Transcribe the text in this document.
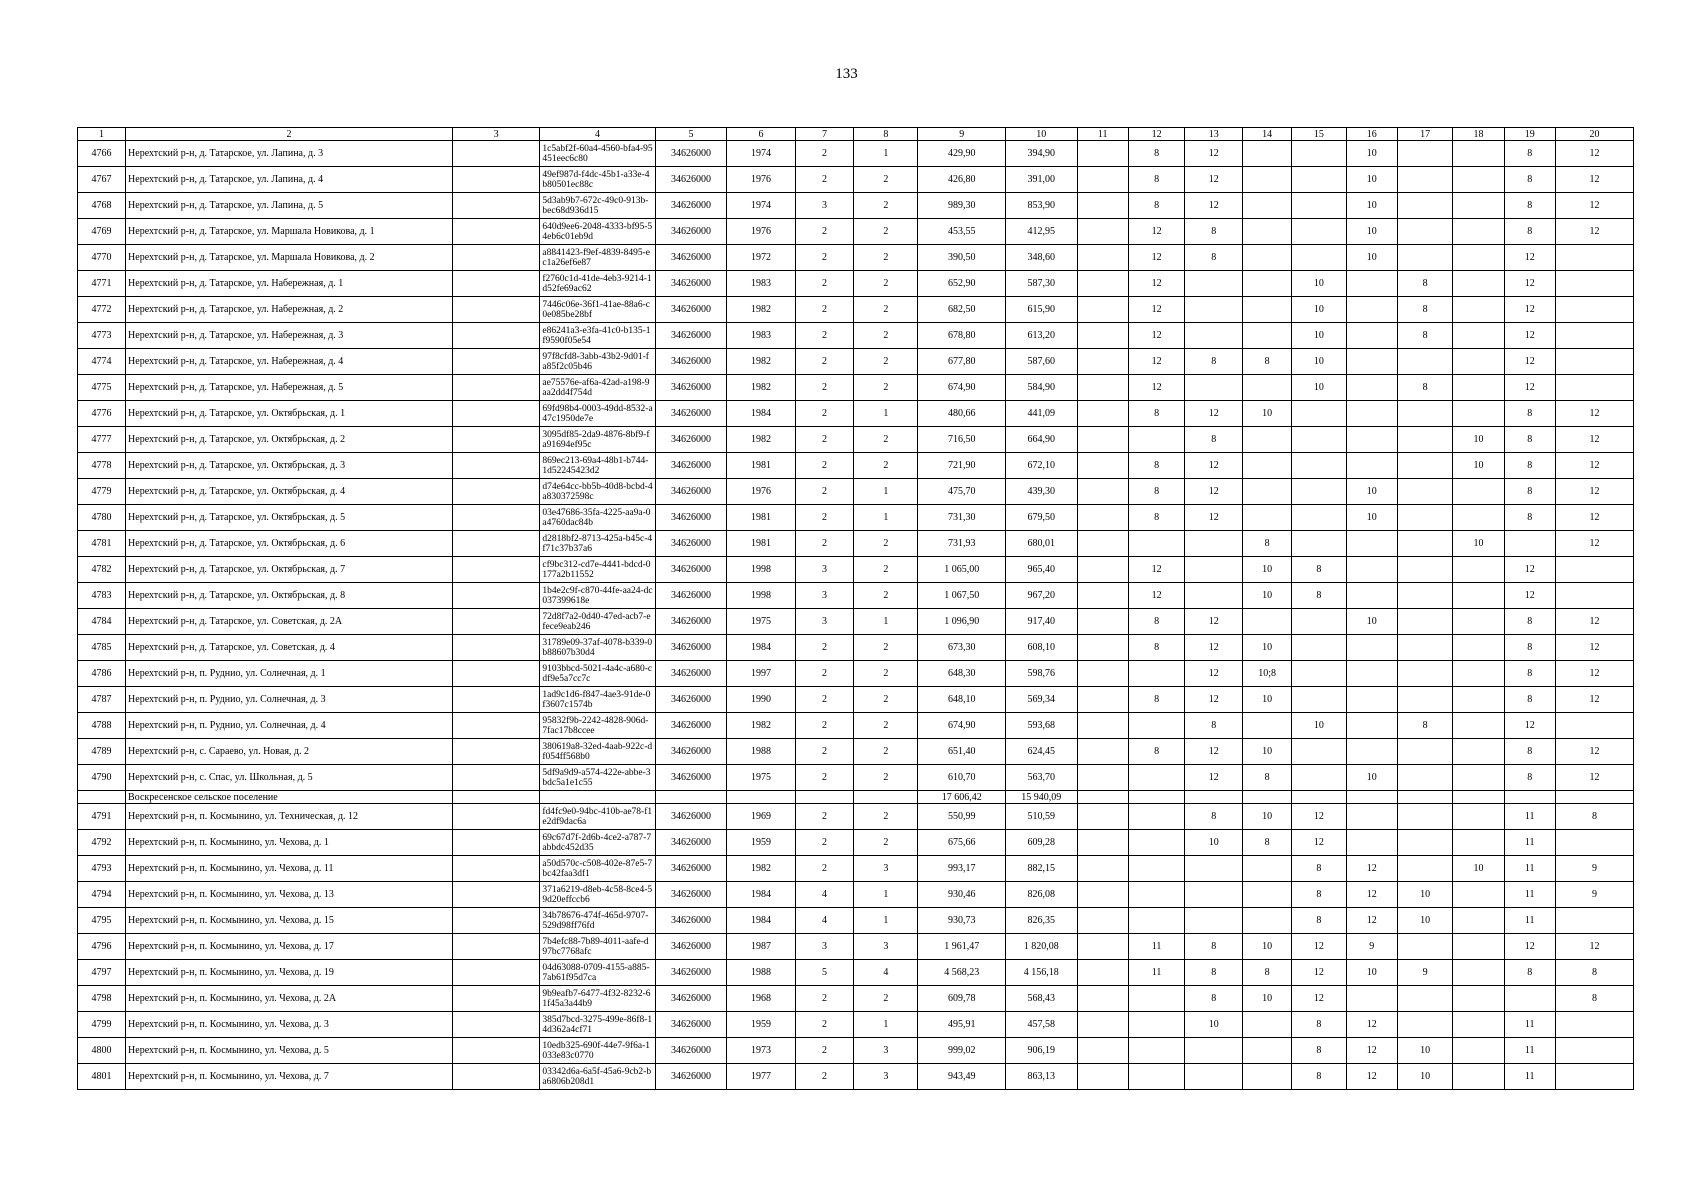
133
1	2	3	4	5	6	7	8	9	10	11	12	13	14	15	16	17	18	19	20
4766	Нерехтский р-н, д. Татарское, ул. Лапина, д. 3		1c5abf2f-60a4-4560-bfa4-95451eec6c80	34626000	1974	2	1	429,90	394,90		8	12			10			8	12
4767	Нерехтский р-н, д. Татарское, ул. Лапина, д. 4		49ef987d-f4dc-45b1-a33e-4b80501ec88c	34626000	1976	2	2	426,80	391,00		8	12			10			8	12
4768	Нерехтский р-н, д. Татарское, ул. Лапина, д. 5		5d3ab9b7-672c-49c0-913b-bec68d936d15	34626000	1974	3	2	989,30	853,90		8	12			10			8	12
4769	Нерехтский р-н, д. Татарское, ул. Маршала Новикова, д. 1		640d9ee6-2048-4333-bf95-54eb6c01eb9d	34626000	1976	2	2	453,55	412,95		12	8			10			8	12
4770	Нерехтский р-н, д. Татарское, ул. Маршала Новикова, д. 2		a8841423-f9ef-4839-8495-ec1a26ef6e87	34626000	1972	2	2	390,50	348,60		12	8			10			12	
4771	Нерехтский р-н, д. Татарское, ул. Набережная, д. 1		f2760c1d-41de-4eb3-9214-1d52fe69ac62	34626000	1983	2	2	652,90	587,30		12			10		8		12	
4772	Нерехтский р-н, д. Татарское, ул. Набережная, д. 2		7446c06e-36f1-41ae-88a6-c0e085be28bf	34626000	1982	2	2	682,50	615,90		12			10		8		12	
4773	Нерехтский р-н, д. Татарское, ул. Набережная, д. 3		e86241a3-e3fa-41c0-b135-1f9590f05e54	34626000	1983	2	2	678,80	613,20		12			10		8		12	
4774	Нерехтский р-н, д. Татарское, ул. Набережная, д. 4		97f8cfd8-3abb-43b2-9d01-fa85f2c05b46	34626000	1982	2	2	677,80	587,60		12	8	8	10				12	
4775	Нерехтский р-н, д. Татарское, ул. Набережная, д. 5		ae75576e-af6a-42ad-a198-9aa2dd4f754d	34626000	1982	2	2	674,90	584,90		12			10		8		12	
4776	Нерехтский р-н, д. Татарское, ул. Октябрьская, д. 1		69fd98b4-0003-49dd-8532-a47c1950de7e	34626000	1984	2	1	480,66	441,09		8	12	10					8	12
4777	Нерехтский р-н, д. Татарское, ул. Октябрьская, д. 2		3095df85-2da9-4876-8bf9-fa91694ef95c	34626000	1982	2	2	716,50	664,90			8					10	8	12
4778	Нерехтский р-н, д. Татарское, ул. Октябрьская, д. 3		869ec213-69a4-48b1-b744-1d52245423d2	34626000	1981	2	2	721,90	672,10		8	12					10	8	12
4779	Нерехтский р-н, д. Татарское, ул. Октябрьская, д. 4		d74e64cc-bb5b-40d8-bcbd-4a830372598c	34626000	1976	2	1	475,70	439,30		8	12			10			8	12
4780	Нерехтский р-н, д. Татарское, ул. Октябрьская, д. 5		03e47686-35fa-4225-aa9a-0a4760dac84b	34626000	1981	2	1	731,30	679,50		8	12			10			8	12
4781	Нерехтский р-н, д. Татарское, ул. Октябрьская, д. 6		d2818bf2-8713-425a-b45c-4f71c37b37a6	34626000	1981	2	2	731,93	680,01				8				10		12
4782	Нерехтский р-н, д. Татарское, ул. Октябрьская, д. 7		cf9bc312-cd7e-4441-bdcd-0177a2b11552	34626000	1998	3	2	1 065,00	965,40		12		10	8				12	
4783	Нерехтский р-н, д. Татарское, ул. Октябрьская, д. 8		1b4e2c9f-c870-44fe-aa24-dc037399618e	34626000	1998	3	2	1 067,50	967,20		12		10	8				12	
4784	Нерехтский р-н, д. Татарское, ул. Советская, д. 2А		72d8f7a2-0d40-47ed-acb7-efece9eab246	34626000	1975	3	1	1 096,90	917,40		8	12			10			8	12
4785	Нерехтский р-н, д. Татарское, ул. Советская, д. 4		31789e09-37af-4078-b339-0b88607b30d4	34626000	1984	2	2	673,30	608,10		8	12	10					8	12
4786	Нерехтский р-н, п. Руднио, ул. Солнечная, д. 1		9103bbcd-5021-4a4c-a680-cdf9e5a7cc7c	34626000	1997	2	2	648,30	598,76			12	10;8					8	12
4787	Нерехтский р-н, п. Руднио, ул. Солнечная, д. 3		1ad9c1d6-f847-4ae3-91de-0f3607c1574b	34626000	1990	2	2	648,10	569,34		8	12	10					8	12
4788	Нерехтский р-н, п. Руднио, ул. Солнечная, д. 4		95832f9b-2242-4828-906d-7fac17b8ccee	34626000	1982	2	2	674,90	593,68			8		10		8		12	
4789	Нерехтский р-н, с. Сараево, ул. Новая, д. 2		380619a8-32ed-4aab-922c-df054ff568b0	34626000	1988	2	2	651,40	624,45		8	12	10					8	12
4790	Нерехтский р-н, с. Спас, ул. Школьная, д. 5		5df9a9d9-a574-422e-abbe-3bdc5a1e1c55	34626000	1975	2	2	610,70	563,70			12	8		10			8	12
	Воскресенское сельское поселение							17 606,42	15 940,09										
4791	Нерехтский р-н, п. Космынино, ул. Техническая, д. 12		fd4fc9e0-94bc-410b-ae78-f1e2df9dac6a	34626000	1969	2	2	550,99	510,59			8	10	12				11	8
4792	Нерехтский р-н, п. Космынино, ул. Чехова, д. 1		69c67d7f-2d6b-4ce2-a787-7abbdc452d35	34626000	1959	2	2	675,66	609,28			10	8	12				11	
4793	Нерехтский р-н, п. Космынино, ул. Чехова, д. 11		a50d570c-c508-402e-87e5-7bc42faa3df1	34626000	1982	2	3	993,17	882,15					8	12		10	11	9
4794	Нерехтский р-н, п. Космынино, ул. Чехова, д. 13		371a6219-d8eb-4c58-8ce4-59d20effccb6	34626000	1984	4	1	930,46	826,08					8	12	10		11	9
4795	Нерехтский р-н, п. Космынино, ул. Чехова, д. 15		34b78676-474f-465d-9707-529d98ff76fd	34626000	1984	4	1	930,73	826,35					8	12	10		11	
4796	Нерехтский р-н, п. Космынино, ул. Чехова, д. 17		7b4efc88-7b89-4011-aafe-d97bc7768afc	34626000	1987	3	3	1 961,47	1 820,08		11	8	10	12	9			12	12
4797	Нерехтский р-н, п. Космынино, ул. Чехова, д. 19		04d63088-0709-4155-a885-7ab61f95d7ca	34626000	1988	5	4	4 568,23	4 156,18		11	8	8	12	10	9		8	8
4798	Нерехтский р-н, п. Космынино, ул. Чехова, д. 2А		9b9eafb7-6477-4f32-8232-61f45a3a44b9	34626000	1968	2	2	609,78	568,43			8	10	12					8
4799	Нерехтский р-н, п. Космынино, ул. Чехова, д. 3		385d7bcd-3275-499e-86f8-14d362a4cf71	34626000	1959	2	1	495,91	457,58			10		8	12			11	
4800	Нерехтский р-н, п. Космынино, ул. Чехова, д. 5		10edb325-690f-44e7-9f6a-1033e83c0770	34626000	1973	2	3	999,02	906,19					8	12	10		11	
4801	Нерехтский р-н, п. Космынино, ул. Чехова, д. 7		03342d6a-6a5f-45a6-9cb2-ba6806b208d1	34626000	1977	2	3	943,49	863,13					8	12	10		11	
